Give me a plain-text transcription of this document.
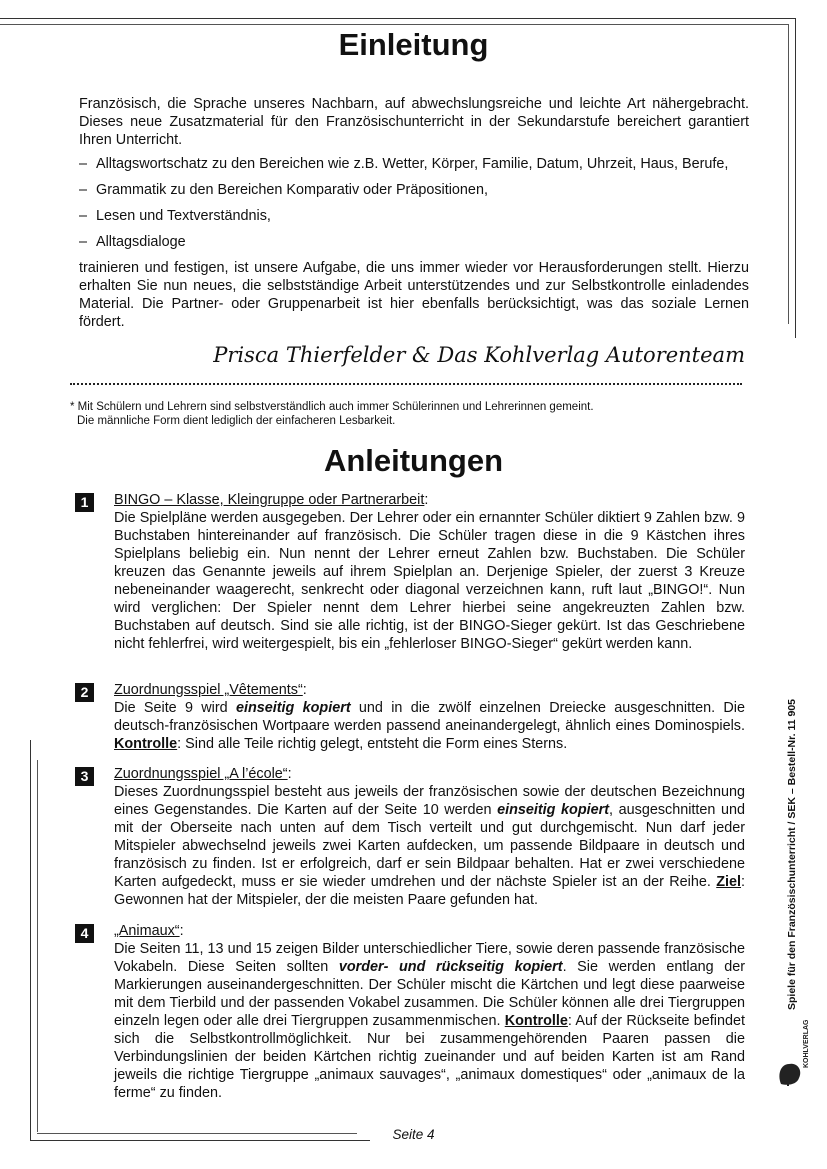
Einleitung

Französisch, die Sprache unseres Nachbarn, auf abwechslungsreiche und leichte Art nähergebracht. Dieses neue Zusatzmaterial für den Französischunterricht in der Sekundarstufe bereichert garantiert Ihren Unterricht.

– Alltagswortschatz zu den Bereichen wie z.B. Wetter, Körper, Familie, Datum, Uhrzeit, Haus, Berufe,
– Grammatik zu den Bereichen Komparativ oder Präpositionen,
– Lesen und Textverständnis,
– Alltagsdialoge

trainieren und festigen, ist unsere Aufgabe, die uns immer wieder vor Herausforderungen stellt. Hierzu erhalten Sie nun neues, die selbstständige Arbeit unterstützendes und zur Selbstkontrolle einladendes Material. Die Partner- oder Gruppenarbeit ist hier ebenfalls berücksichtigt, was das soziale Lernen fördert.

Prisca Thierfelder & Das Kohlverlag Autorenteam
* Mit Schülern und Lehrern sind selbstverständlich auch immer Schülerinnen und Lehrerinnen gemeint.
Die männliche Form dient lediglich der einfacheren Lesbarkeit.
Anleitungen
1	BINGO – Klasse, Kleingruppe oder Partnerarbeit:
Die Spielpläne werden ausgegeben. Der Lehrer oder ein ernannter Schüler diktiert 9 Zahlen bzw. 9 Buchstaben hintereinander auf französisch. Die Schüler tragen diese in die 9 Kästchen ihres Spielplans beliebig ein. Nun nennt der Lehrer erneut Zahlen bzw. Buchstaben. Die Schüler kreuzen das Genannte jeweils auf ihrem Spielplan an. Derjenige Spieler, der zuerst 3 Kreuze nebeneinander waagerecht, senkrecht oder diagonal verzeichnen kann, ruft laut „BINGO!“. Nun wird verglichen: Der Spieler nennt dem Lehrer hierbei seine angekreuzten Zahlen bzw. Buchstaben auf deutsch. Sind sie alle richtig, ist der BINGO-Sieger gekürt. Ist das Geschriebene nicht fehlerfrei, wird weitergespielt, bis ein „fehlerloser BINGO-Sieger“ gekürt werden kann.
2	Zuordnungsspiel „Vêtements“:
Die Seite 9 wird einseitig kopiert und in die zwölf einzelnen Dreiecke ausgeschnitten. Die deutsch-französischen Wortpaare werden passend aneinandergelegt, ähnlich eines Dominospiels. Kontrolle: Sind alle Teile richtig gelegt, entsteht die Form eines Sterns.
3	Zuordnungsspiel „A l’école“:
Dieses Zuordnungsspiel besteht aus jeweils der französischen sowie der deutschen Bezeichnung eines Gegenstandes. Die Karten auf der Seite 10 werden einseitig kopiert, ausgeschnitten und mit der Oberseite nach unten auf dem Tisch verteilt und gut durchgemischt. Nun darf jeder Mitspieler abwechselnd jeweils zwei Karten aufdecken, um passende Bildpaare in deutsch und französisch zu finden. Ist er erfolgreich, darf er sein Bildpaar behalten. Hat er zwei verschiedene Karten aufgedeckt, muss er sie wieder umdrehen und der nächste Spieler ist an der Reihe. Ziel: Gewonnen hat der Mitspieler, der die meisten Paare gefunden hat.
4	„Animaux“:
Die Seiten 11, 13 und 15 zeigen Bilder unterschiedlicher Tiere, sowie deren passende französische Vokabeln. Diese Seiten sollten vorder- und rückseitig kopiert. Sie werden entlang der Markierungen auseinandergeschnitten. Der Schüler mischt die Kärtchen und legt diese paarweise mit dem Tierbild und der passenden Vokabel zusammen. Die Schüler können alle drei Tiergruppen einzeln legen oder alle drei Tiergruppen zusammenmischen. Kontrolle: Auf der Rückseite befindet sich die Selbstkontrollmöglichkeit. Nur bei zusammengehörenden Paaren passen die Verbindungslinien der beiden Kärtchen richtig zueinander und auf beiden Karten ist am Rand jeweils die richtige Tiergruppe „animaux sauvages“, „animaux domestiques“ oder „animaux de la ferme“ zu finden.
Spiele für den Französischunterricht / SEK – Bestell-Nr. 11 905
KOHLVERLAG
Seite 4
